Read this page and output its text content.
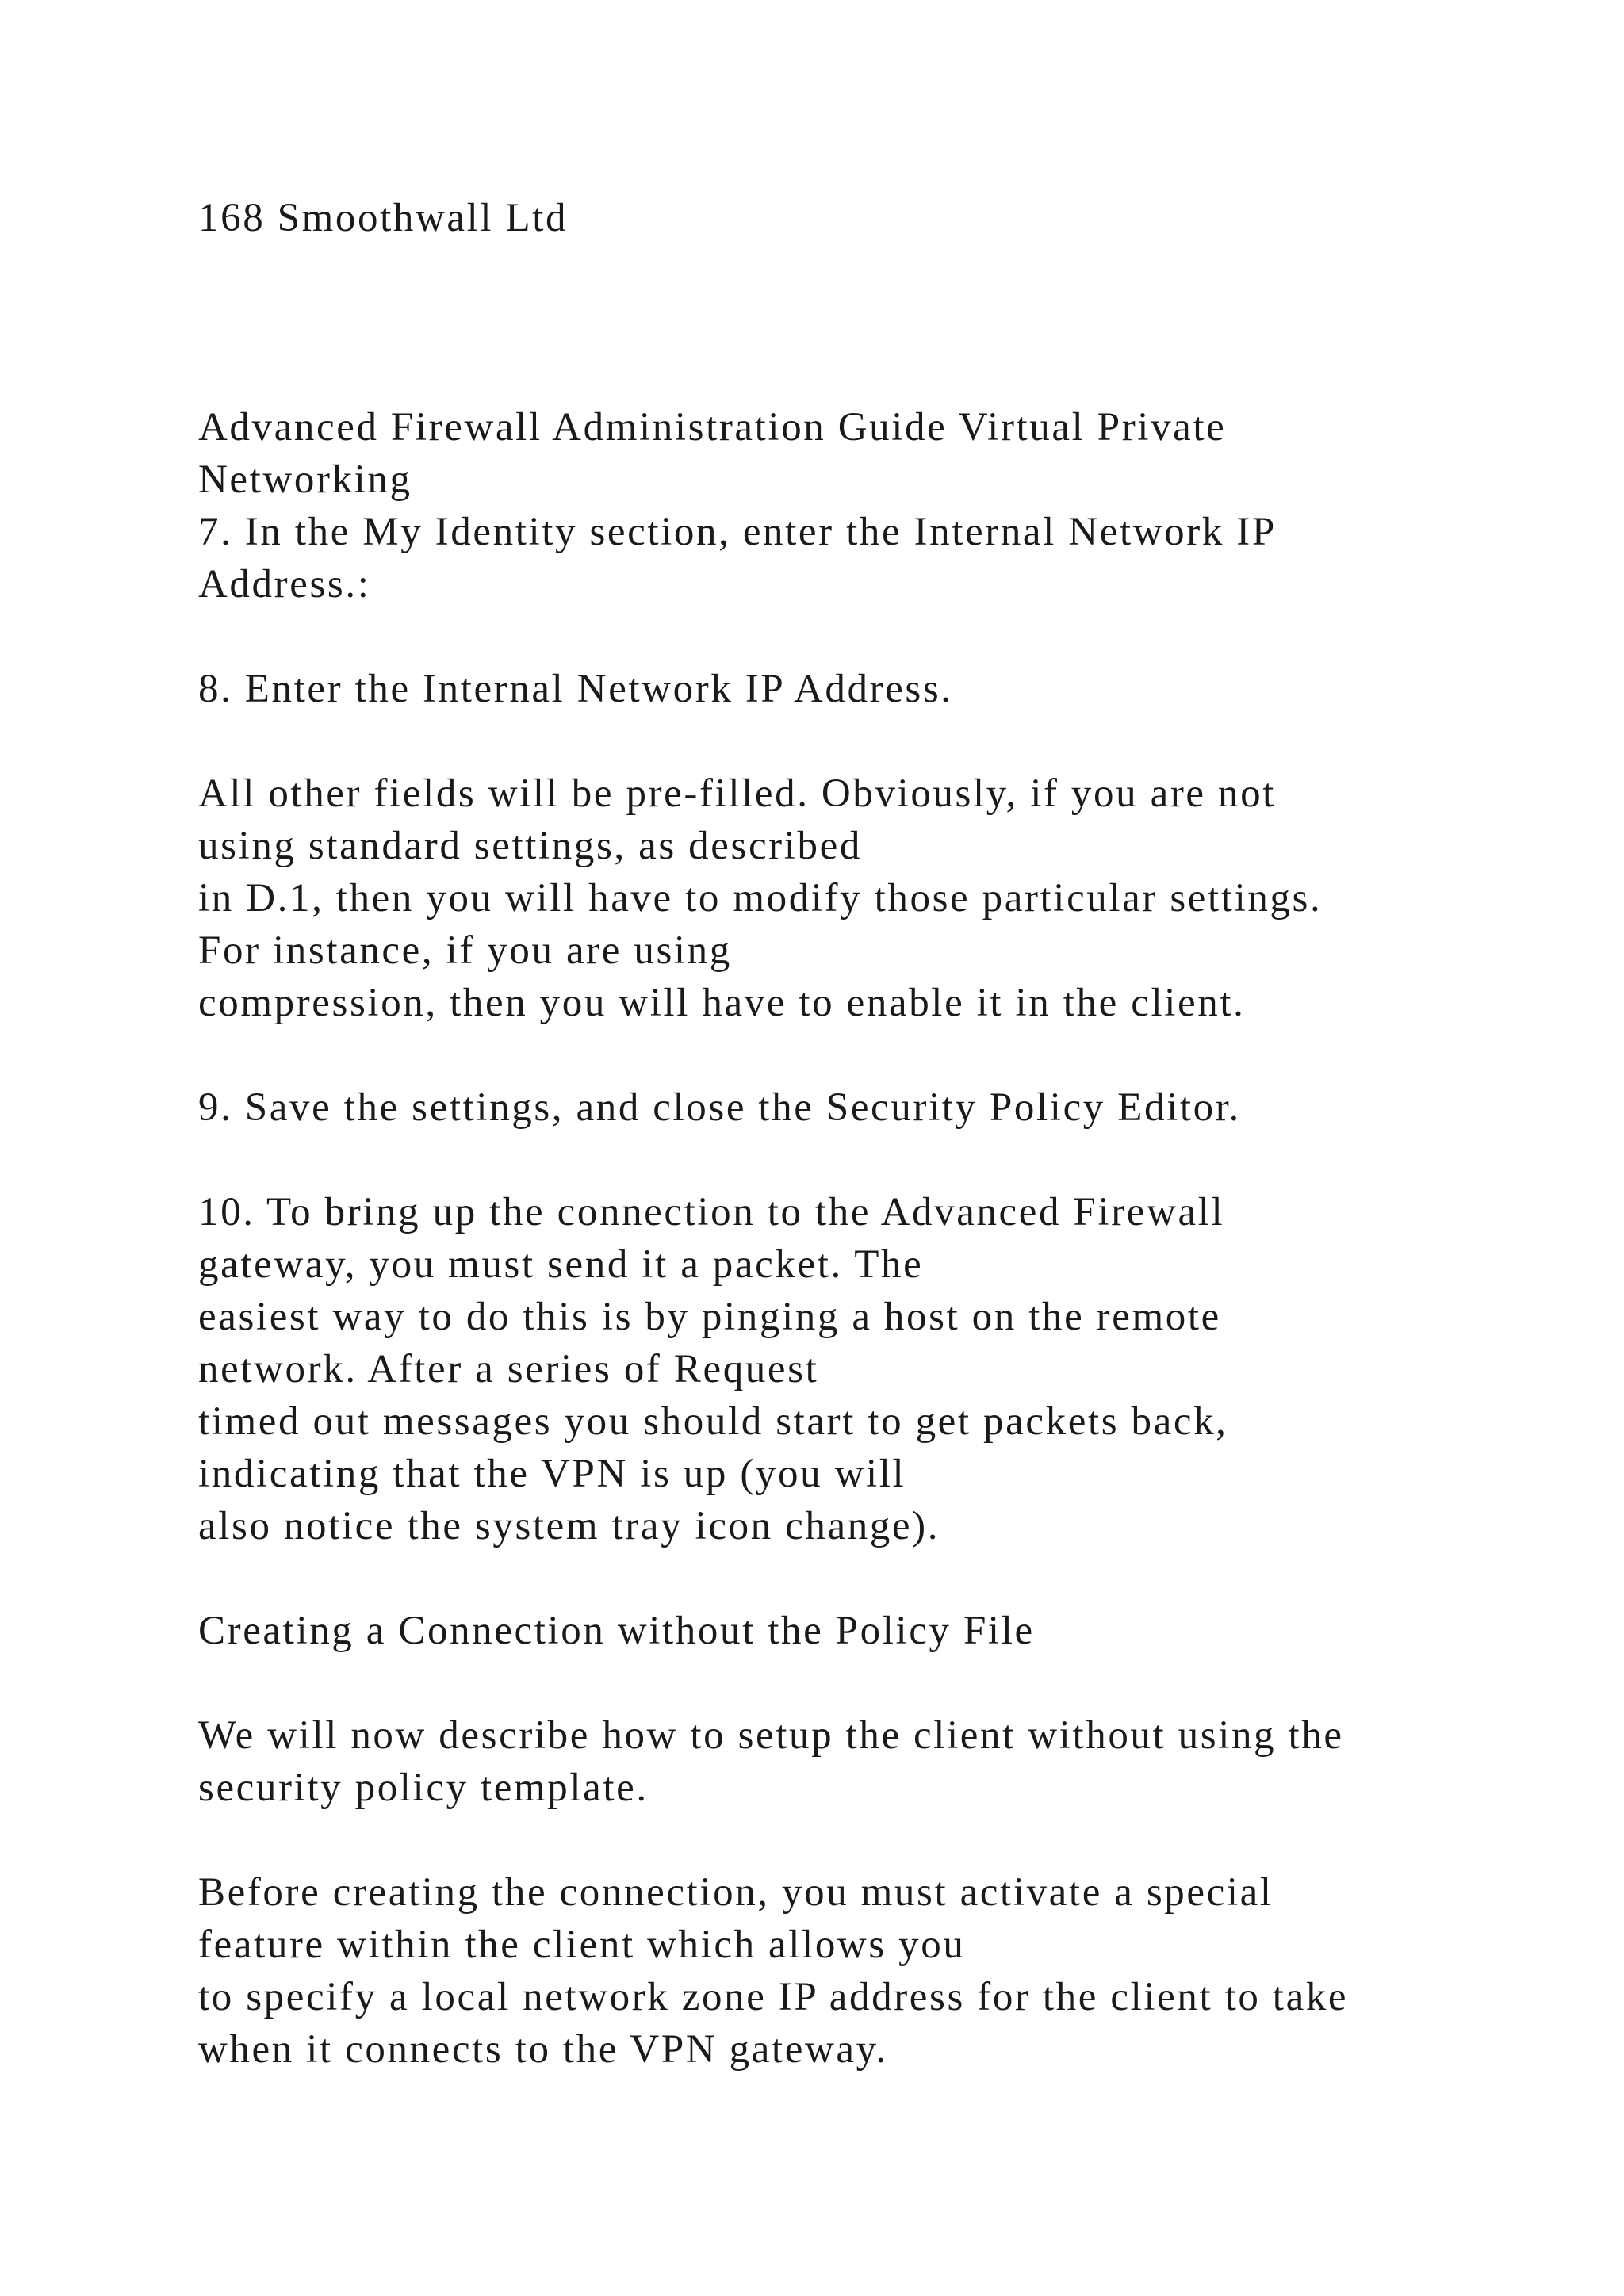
168 Smoothwall Ltd
Advanced Firewall Administration Guide Virtual Private
Networking
7. In the My Identity section, enter the Internal Network IP
Address.:
8. Enter the Internal Network IP Address.
All other fields will be pre-filled. Obviously, if you are not
using standard settings, as described
in D.1, then you will have to modify those particular settings.
For instance, if you are using
compression, then you will have to enable it in the client.
9. Save the settings, and close the Security Policy Editor.
10. To bring up the connection to the Advanced Firewall
gateway, you must send it a packet. The
easiest way to do this is by pinging a host on the remote
network. After a series of Request
timed out messages you should start to get packets back,
indicating that the VPN is up (you will
also notice the system tray icon change).
Creating a Connection without the Policy File
We will now describe how to setup the client without using the
security policy template.
Before creating the connection, you must activate a special
feature within the client which allows you
to specify a local network zone IP address for the client to take
when it connects to the VPN gateway.
